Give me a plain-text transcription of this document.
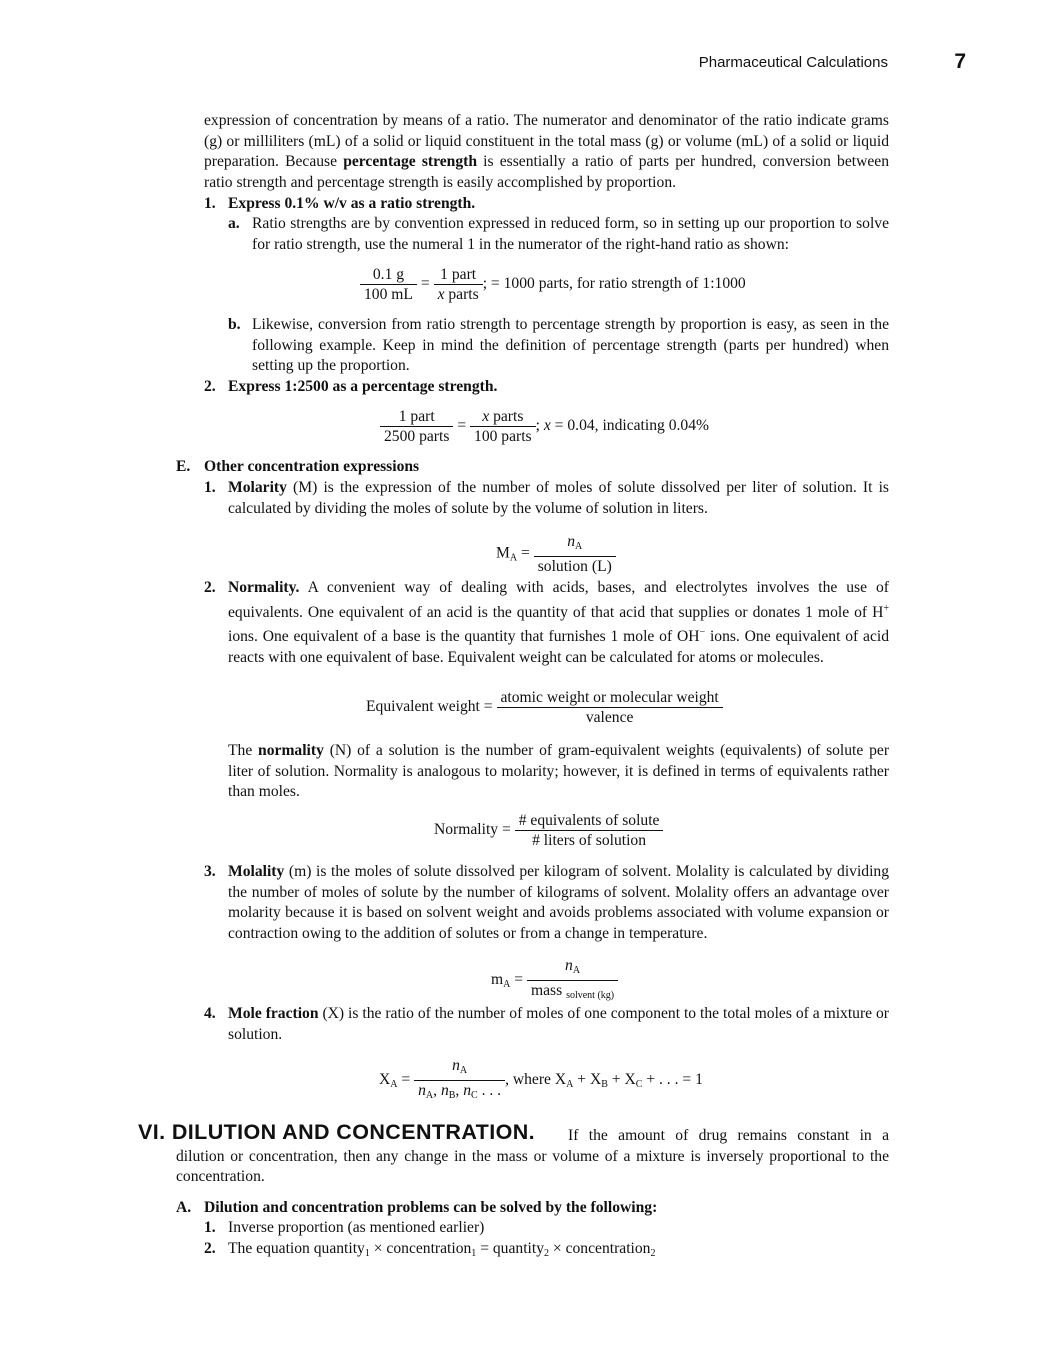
Pharmaceutical Calculations	7
expression of concentration by means of a ratio. The numerator and denominator of the ratio indicate grams (g) or milliliters (mL) of a solid or liquid constituent in the total mass (g) or volume (mL) of a solid or liquid preparation. Because percentage strength is essentially a ratio of parts per hundred, conversion between ratio strength and percentage strength is easily accomplished by proportion.
1. Express 0.1% w/v as a ratio strength.
a. Ratio strengths are by convention expressed in reduced form, so in setting up our proportion to solve for ratio strength, use the numeral 1 in the numerator of the right-hand ratio as shown:
$\frac{0.1 g}{100 mL} = \frac{\text{1 part}}{\text{x parts}}$ ; = 1000 parts, for ratio strength of 1:1000
b. Likewise, conversion from ratio strength to percentage strength by proportion is easy, as seen in the following example. Keep in mind the definition of percentage strength (parts per hundred) when setting up the proportion.
2. Express 1:2500 as a percentage strength.
$\frac{\text{1 part}}{\text{2500 parts}} = \frac{\text{x parts}}{\text{100 parts}}$ ; x = 0.04, indicating 0.04%
E. Other concentration expressions
1. Molarity (M) is the expression of the number of moles of solute dissolved per liter of solution. It is calculated by dividing the moles of solute by the volume of solution in liters.
$M_A = \frac{n_A}{\text{solution (L)}}$
2. Normality. A convenient way of dealing with acids, bases, and electrolytes involves the use of equivalents. One equivalent of an acid is the quantity of that acid that supplies or donates 1 mole of H+ ions. One equivalent of a base is the quantity that furnishes 1 mole of OH− ions. One equivalent of acid reacts with one equivalent of base. Equivalent weight can be calculated for atoms or molecules.
Equivalent weight = $\frac{\text{atomic weight or molecular weight}}{\text{valence}}$
The normality (N) of a solution is the number of gram-equivalent weights (equivalents) of solute per liter of solution. Normality is analogous to molarity; however, it is defined in terms of equivalents rather than moles.
Normality = $\frac{\text{\# equivalents of solute}}{\text{\# liters of solution}}$
3. Molality (m) is the moles of solute dissolved per kilogram of solvent. Molality is calculated by dividing the number of moles of solute by the number of kilograms of solvent. Molality offers an advantage over molarity because it is based on solvent weight and avoids problems associated with volume expansion or contraction owing to the addition of solutes or from a change in temperature.
$m_A = \frac{n_A}{mass _{solvent (kg)}}$
4. Mole fraction (X) is the ratio of the number of moles of one component to the total moles of a mixture or solution.
$X_A = \frac{n_A}{n_A, n_B, n_C . . .}$ , where $X_A + X_B + X_C$ + . . . = 1
VI. DILUTION AND CONCENTRATION.	If the amount of drug remains constant in a dilution or concentration, then any change in the mass or volume of a mixture is inversely proportional to the concentration.
A. Dilution and concentration problems can be solved by the following:
1. Inverse proportion (as mentioned earlier)
2. The equation quantity$_1$ × concentration$_1$ = quantity$_2$ × concentration$_2$
